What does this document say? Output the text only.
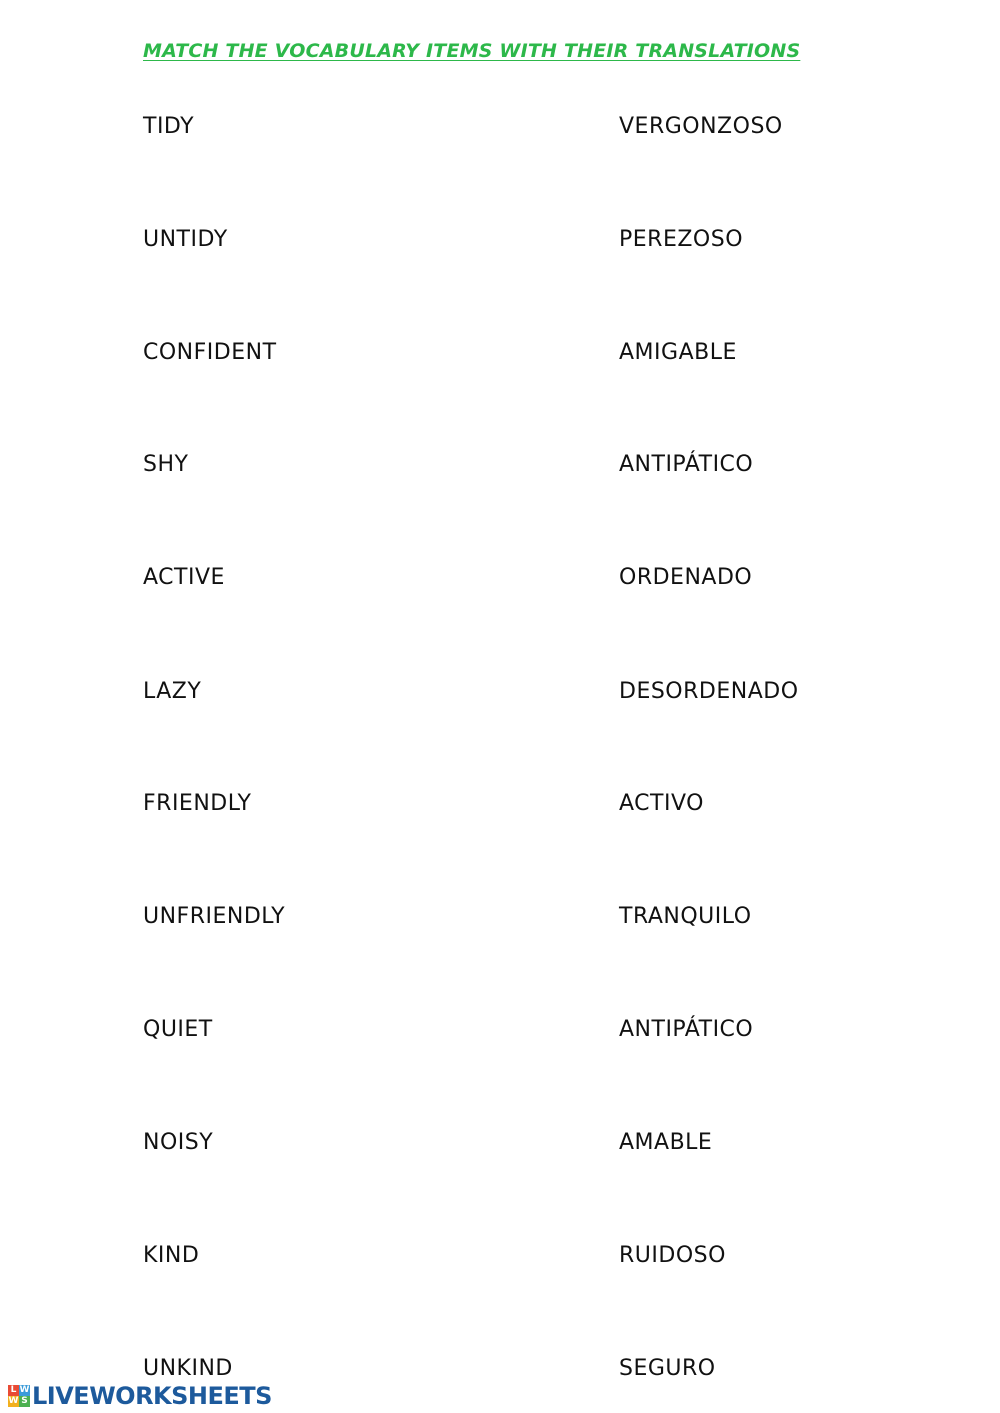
MATCH THE VOCABULARY ITEMS WITH THEIR TRANSLATIONS
TIDY
UNTIDY
CONFIDENT
SHY
ACTIVE
LAZY
FRIENDLY
UNFRIENDLY
QUIET
NOISY
KIND
UNKIND
VERGONZOSO
PEREZOSO
AMIGABLE
ANTIPÁTICO
ORDENADO
DESORDENADO
ACTIVO
TRANQUILO
ANTIPÁTICO
AMABLE
RUIDOSO
SEGURO
L W
W S LIVEWORKSHEETS
